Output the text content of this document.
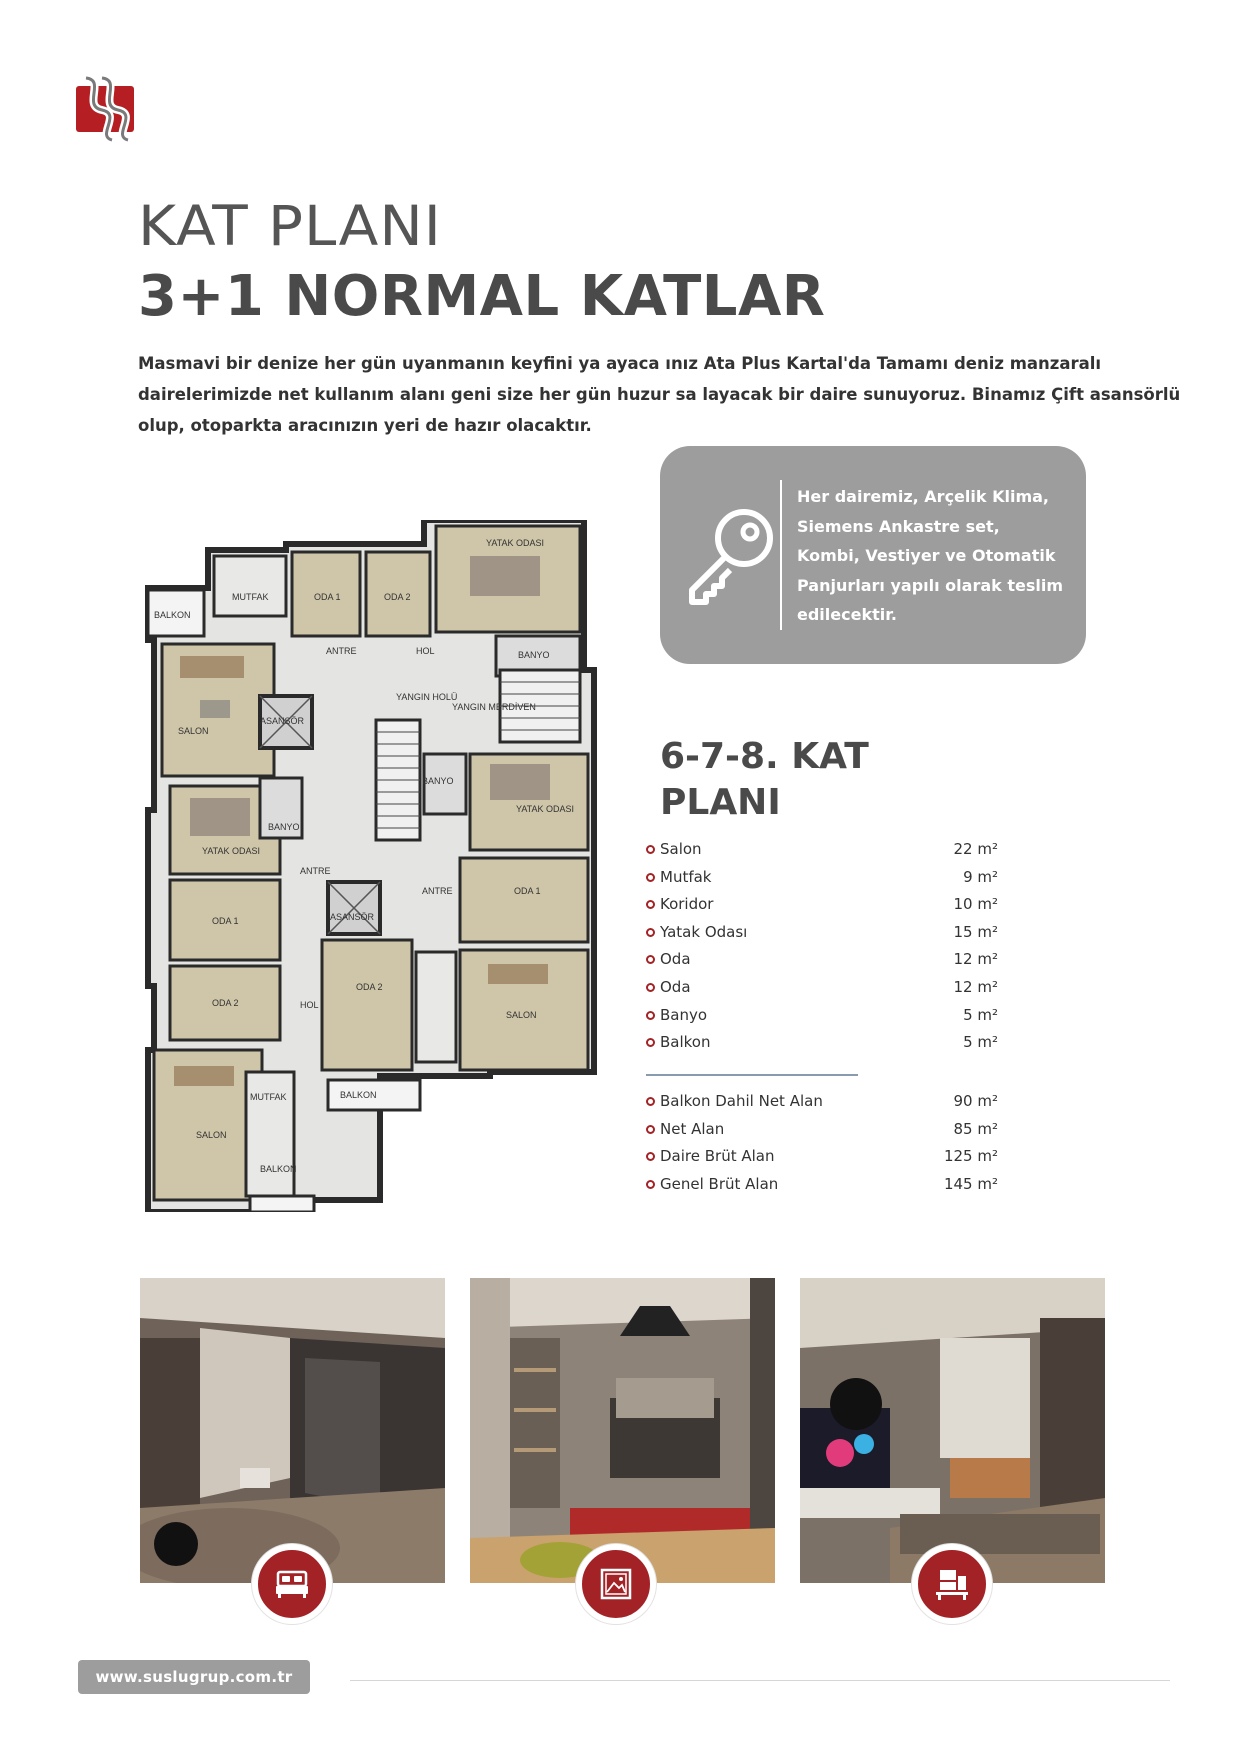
KAT PLANI
3+1 NORMAL KATLAR
Masmavi bir denize her gün uyanmanın keyfini ya ayaca ınız Ata Plus Kartal'da Tamamı deniz manzaralı
dairelerimizde net kullanım alanı geni size her gün huzur sa layacak bir daire sunuyoruz. Binamız Çift asansörlü
olup, otoparkta aracınızın yeri de hazır olacaktır.
Her dairemiz, Arçelik Klima,
Siemens Ankastre set,
Kombi, Vestiyer ve Otomatik
Panjurları yapılı olarak teslim
edilecektir.
BALKON
MUTFAK	ODA 1	ODA 2
YATAK ODASI
BANYO
ANTRE	HOL
SALON
ASANSÖR
YANGIN HOLÜ
YANGIN MERDİVEN
YATAK ODASI
ODA 1
ODA 2
SALON
MUTFAK
BALKON
BALKON
ASANSÖR
ODA 2
BANYO
BANYO
YATAK ODASI
ODA 1
SALON
ANTRE
ANTRE
HOL
6-7-8. KAT
PLANI
Salon	22 m²
Mutfak	9 m²
Koridor	10 m²
Yatak Odası	15 m²
Oda	12 m²
Oda	12 m²
Banyo	5 m²
Balkon	5 m²
Balkon Dahil Net Alan	90 m²
Net Alan	85 m²
Daire Brüt Alan	125 m²
Genel Brüt Alan	145 m²
www.suslugrup.com.tr
